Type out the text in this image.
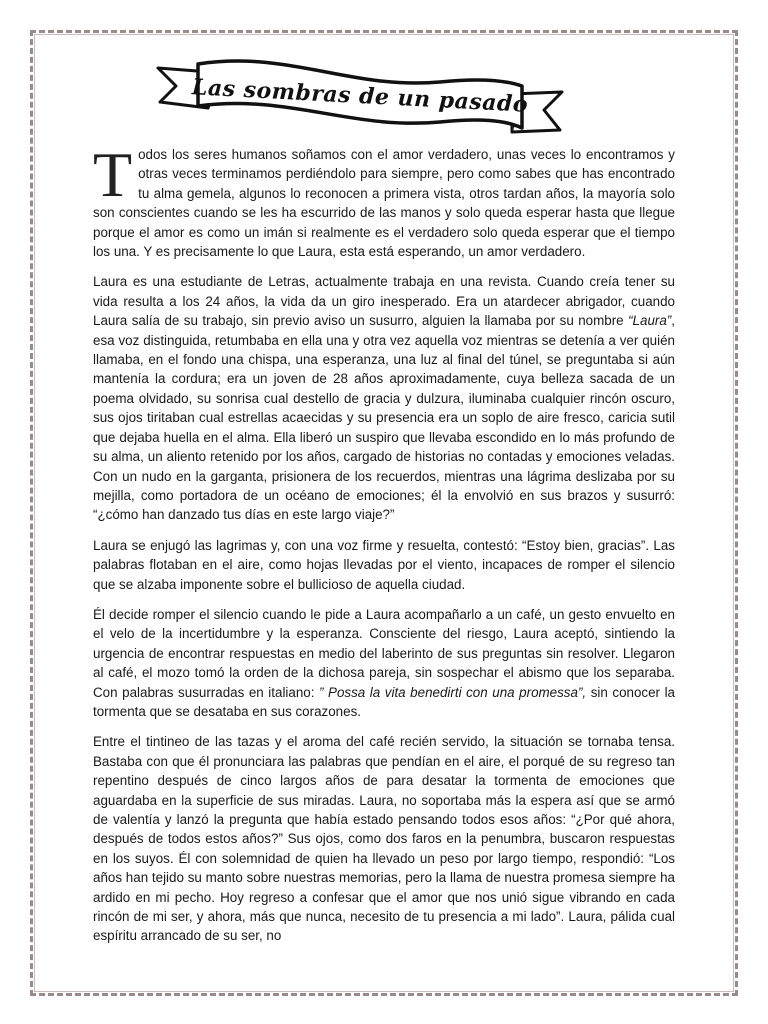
Las sombras de un pasado

Todos los seres humanos soñamos con el amor verdadero, unas veces lo encontramos y otras veces terminamos perdiéndolo para siempre, pero como sabes que has encontrado tu alma gemela, algunos lo reconocen a primera vista, otros tardan años, la mayoría solo son conscientes cuando se les ha escurrido de las manos y solo queda esperar hasta que llegue porque el amor es como un imán si realmente es el verdadero solo queda esperar que el tiempo los una. Y es precisamente lo que Laura, esta está esperando, un amor verdadero.

Laura es una estudiante de Letras, actualmente trabaja en una revista. Cuando creía tener su vida resulta a los 24 años, la vida da un giro inesperado. Era un atardecer abrigador, cuando Laura salía de su trabajo, sin previo aviso un susurro, alguien la llamaba por su nombre “Laura”, esa voz distinguida, retumbaba en ella una y otra vez aquella voz mientras se detenía a ver quién llamaba, en el fondo una chispa, una esperanza, una luz al final del túnel, se preguntaba si aún mantenía la cordura; era un joven de 28 años aproximadamente, cuya belleza sacada de un poema olvidado, su sonrisa cual destello de gracia y dulzura, iluminaba cualquier rincón oscuro, sus ojos tiritaban cual estrellas acaecidas y su presencia era un soplo de aire fresco, caricia sutil que dejaba huella en el alma. Ella liberó un suspiro que llevaba escondido en lo más profundo de su alma, un aliento retenido por los años, cargado de historias no contadas y emociones veladas. Con un nudo en la garganta, prisionera de los recuerdos, mientras una lágrima deslizaba por su mejilla, como portadora de un océano de emociones; él la envolvió en sus brazos y susurró: “¿cómo han danzado tus días en este largo viaje?”

Laura se enjugó las lagrimas y, con una voz firme y resuelta, contestó: “Estoy bien, gracias”. Las palabras flotaban en el aire, como hojas llevadas por el viento, incapaces de romper el silencio que se alzaba imponente sobre el bullicioso de aquella ciudad.

Él decide romper el silencio cuando le pide a Laura acompañarlo a un café, un gesto envuelto en el velo de la incertidumbre y la esperanza. Consciente del riesgo, Laura aceptó, sintiendo la urgencia de encontrar respuestas en medio del laberinto de sus preguntas sin resolver. Llegaron al café, el mozo tomó la orden de la dichosa pareja, sin sospechar el abismo que los separaba. Con palabras susurradas en italiano: ” Possa la vita benedirti con una promessa”, sin conocer la tormenta que se desataba en sus corazones.

Entre el tintineo de las tazas y el aroma del café recién servido, la situación se tornaba tensa. Bastaba con que él pronunciara las palabras que pendían en el aire, el porqué de su regreso tan repentino después de cinco largos años de para desatar la tormenta de emociones que aguardaba en la superficie de sus miradas. Laura, no soportaba más la espera así que se armó de valentía y lanzó la pregunta que había estado pensando todos esos años: “¿Por qué ahora, después de todos estos años?” Sus ojos, como dos faros en la penumbra, buscaron respuestas en los suyos. Él con solemnidad de quien ha llevado un peso por largo tiempo, respondió: “Los años han tejido su manto sobre nuestras memorias, pero la llama de nuestra promesa siempre ha ardido en mi pecho. Hoy regreso a confesar que el amor que nos unió sigue vibrando en cada rincón de mi ser, y ahora, más que nunca, necesito de tu presencia a mi lado”. Laura, pálida cual espíritu arrancado de su ser, no
